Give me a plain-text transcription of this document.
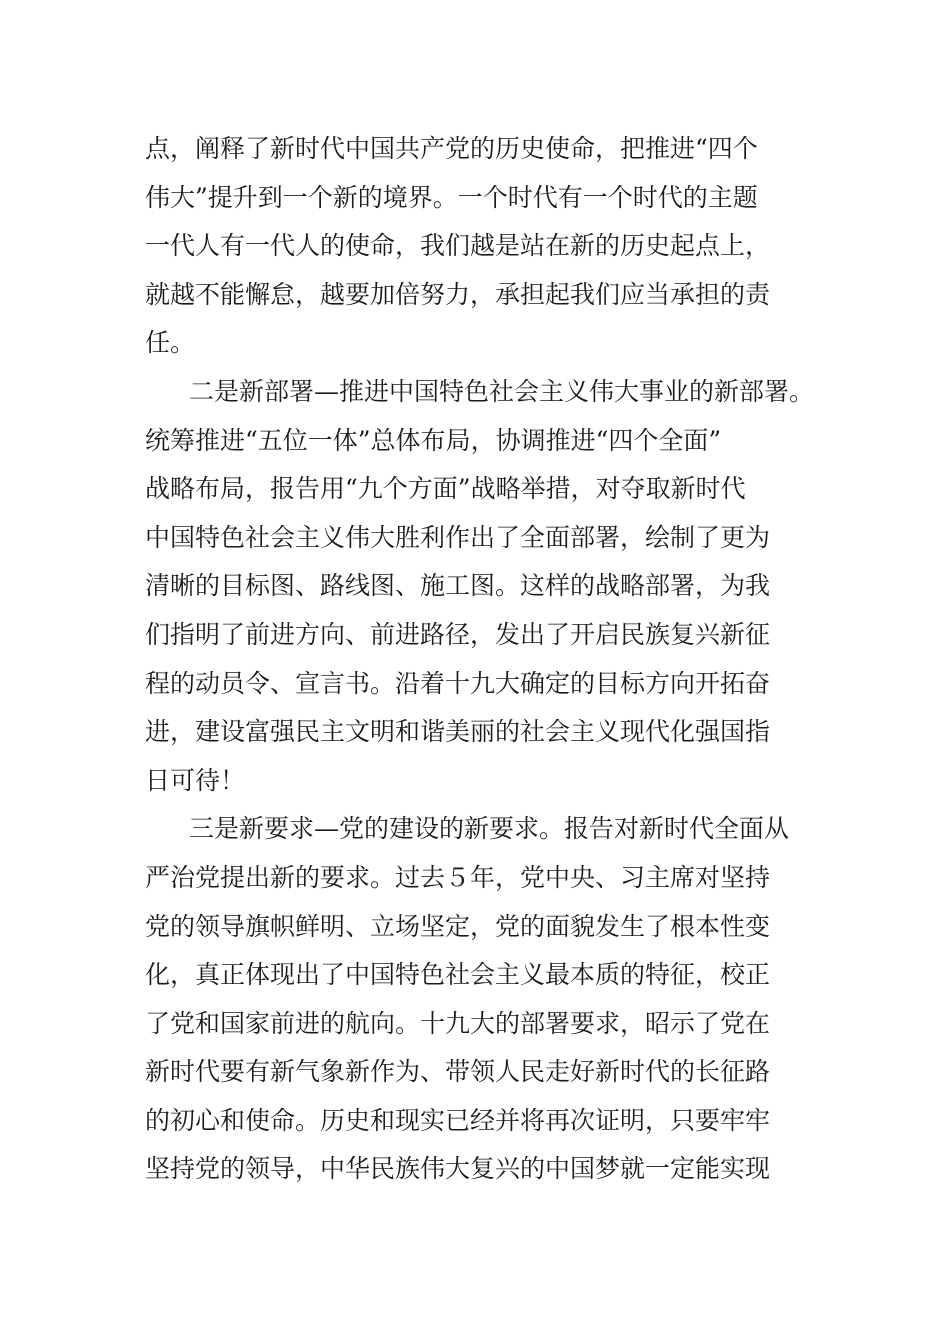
点，阐释了新时代中国共产党的历史使命，把推进“四个
伟大”提升到一个新的境界。一个时代有一个时代的主题
一代人有一代人的使命，我们越是站在新的历史起点上，
就越不能懈怠，越要加倍努力，承担起我们应当承担的责
任。
二是新部署—推进中国特色社会主义伟大事业的新部署。
统筹推进“五位一体”总体布局，协调推进“四个全面”
战略布局，报告用“九个方面”战略举措，对夺取新时代
中国特色社会主义伟大胜利作出了全面部署，绘制了更为
清晰的目标图、路线图、施工图。这样的战略部署，为我
们指明了前进方向、前进路径，发出了开启民族复兴新征
程的动员令、宣言书。沿着十九大确定的目标方向开拓奋
进，建设富强民主文明和谐美丽的社会主义现代化强国指
日可待！
三是新要求—党的建设的新要求。报告对新时代全面从
严治党提出新的要求。过去５年，党中央、习主席对坚持
党的领导旗帜鲜明、立场坚定，党的面貌发生了根本性变
化，真正体现出了中国特色社会主义最本质的特征，校正
了党和国家前进的航向。十九大的部署要求，昭示了党在
新时代要有新气象新作为、带领人民走好新时代的长征路
的初心和使命。历史和现实已经并将再次证明，只要牢牢
坚持党的领导，中华民族伟大复兴的中国梦就一定能实现
